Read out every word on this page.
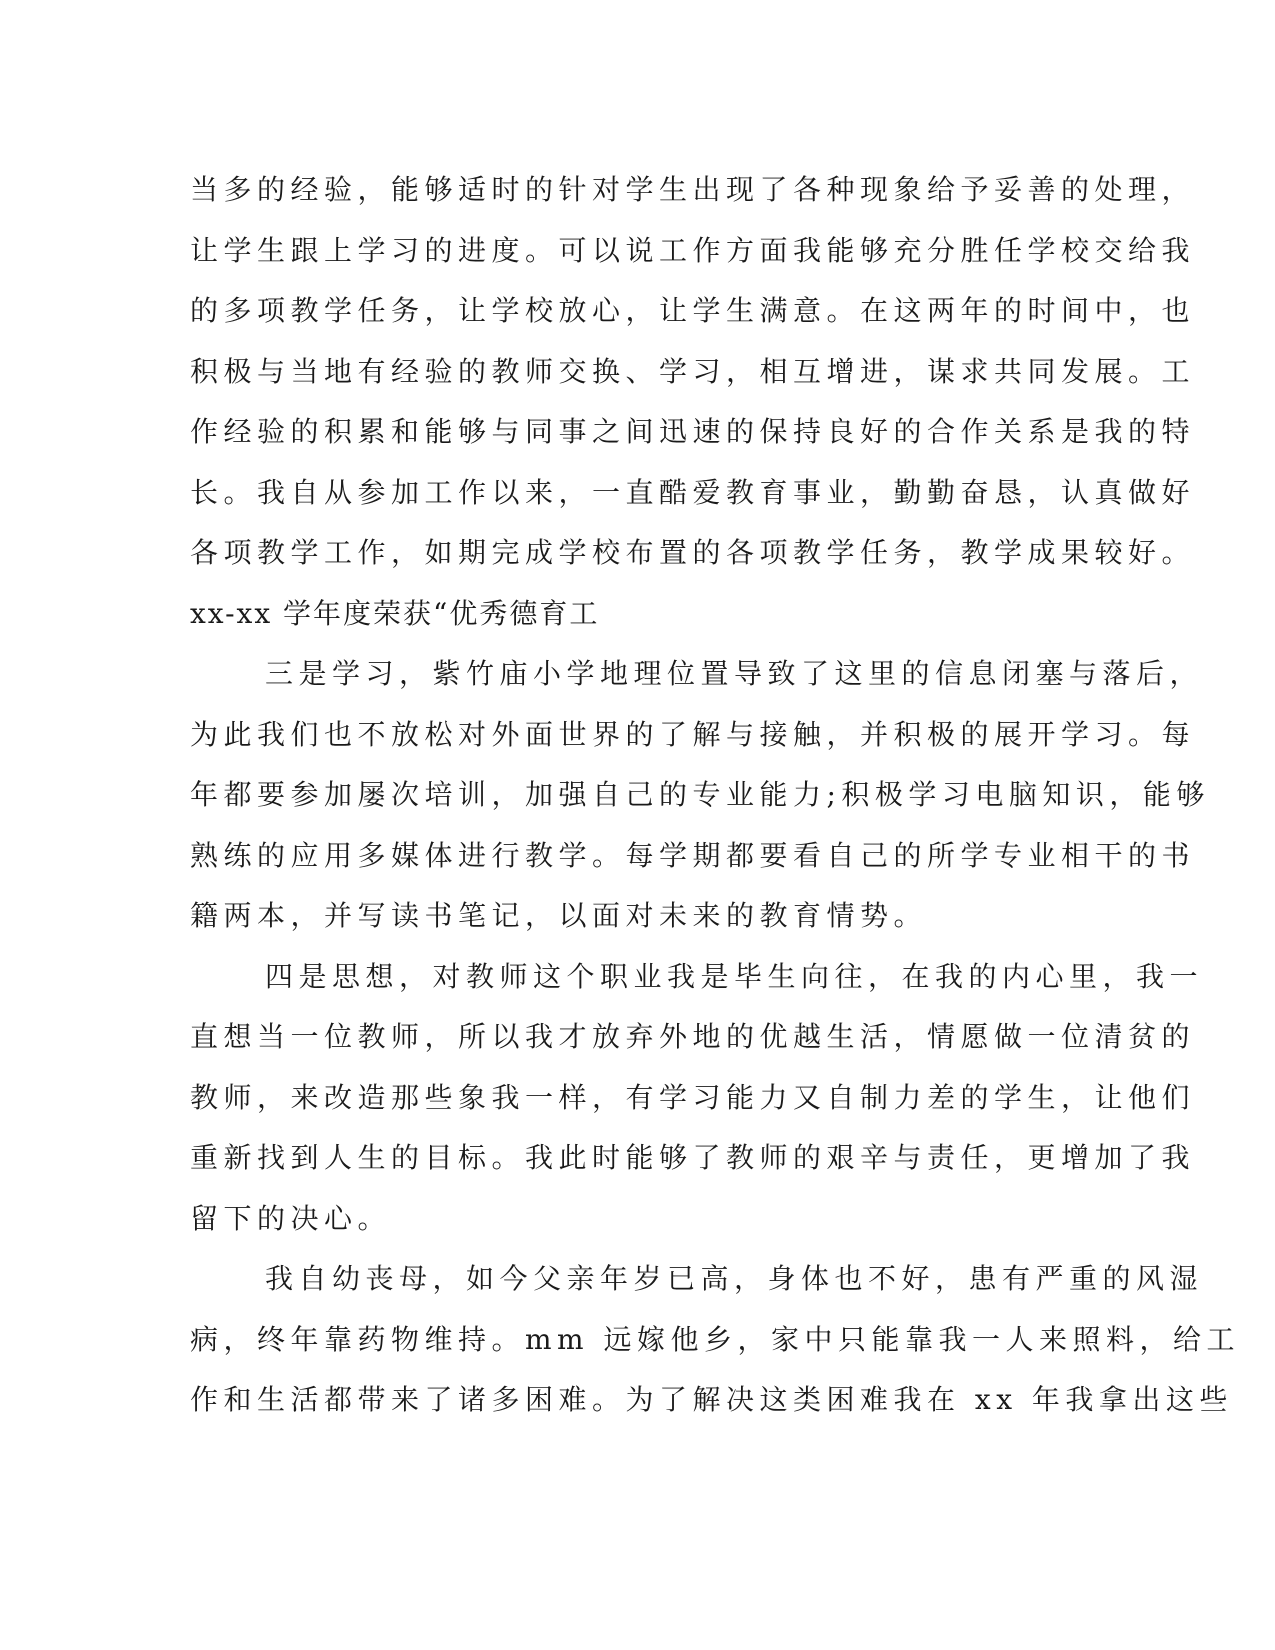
当多的经验，能够适时的针对学生出现了各种现象给予妥善的处理，
让学生跟上学习的进度。可以说工作方面我能够充分胜任学校交给我
的多项教学任务，让学校放心，让学生满意。在这两年的时间中，也
积极与当地有经验的教师交换、学习，相互增进，谋求共同发展。工
作经验的积累和能够与同事之间迅速的保持良好的合作关系是我的特
长。我自从参加工作以来，一直酷爱教育事业，勤勤奋恳，认真做好
各项教学工作，如期完成学校布置的各项教学任务，教学成果较好。
xx-xx 学年度荣获“优秀德育工
三是学习，紫竹庙小学地理位置导致了这里的信息闭塞与落后，
为此我们也不放松对外面世界的了解与接触，并积极的展开学习。每
年都要参加屡次培训，加强自己的专业能力;积极学习电脑知识，能够
熟练的应用多媒体进行教学。每学期都要看自己的所学专业相干的书
籍两本，并写读书笔记，以面对未来的教育情势。
四是思想，对教师这个职业我是毕生向往，在我的内心里，我一
直想当一位教师，所以我才放弃外地的优越生活，情愿做一位清贫的
教师，来改造那些象我一样，有学习能力又自制力差的学生，让他们
重新找到人生的目标。我此时能够了教师的艰辛与责任，更增加了我
留下的决心。
我自幼丧母，如今父亲年岁已高，身体也不好，患有严重的风湿
病，终年靠药物维持。mm 远嫁他乡，家中只能靠我一人来照料，给工
作和生活都带来了诸多困难。为了解决这类困难我在 xx 年我拿出这些
